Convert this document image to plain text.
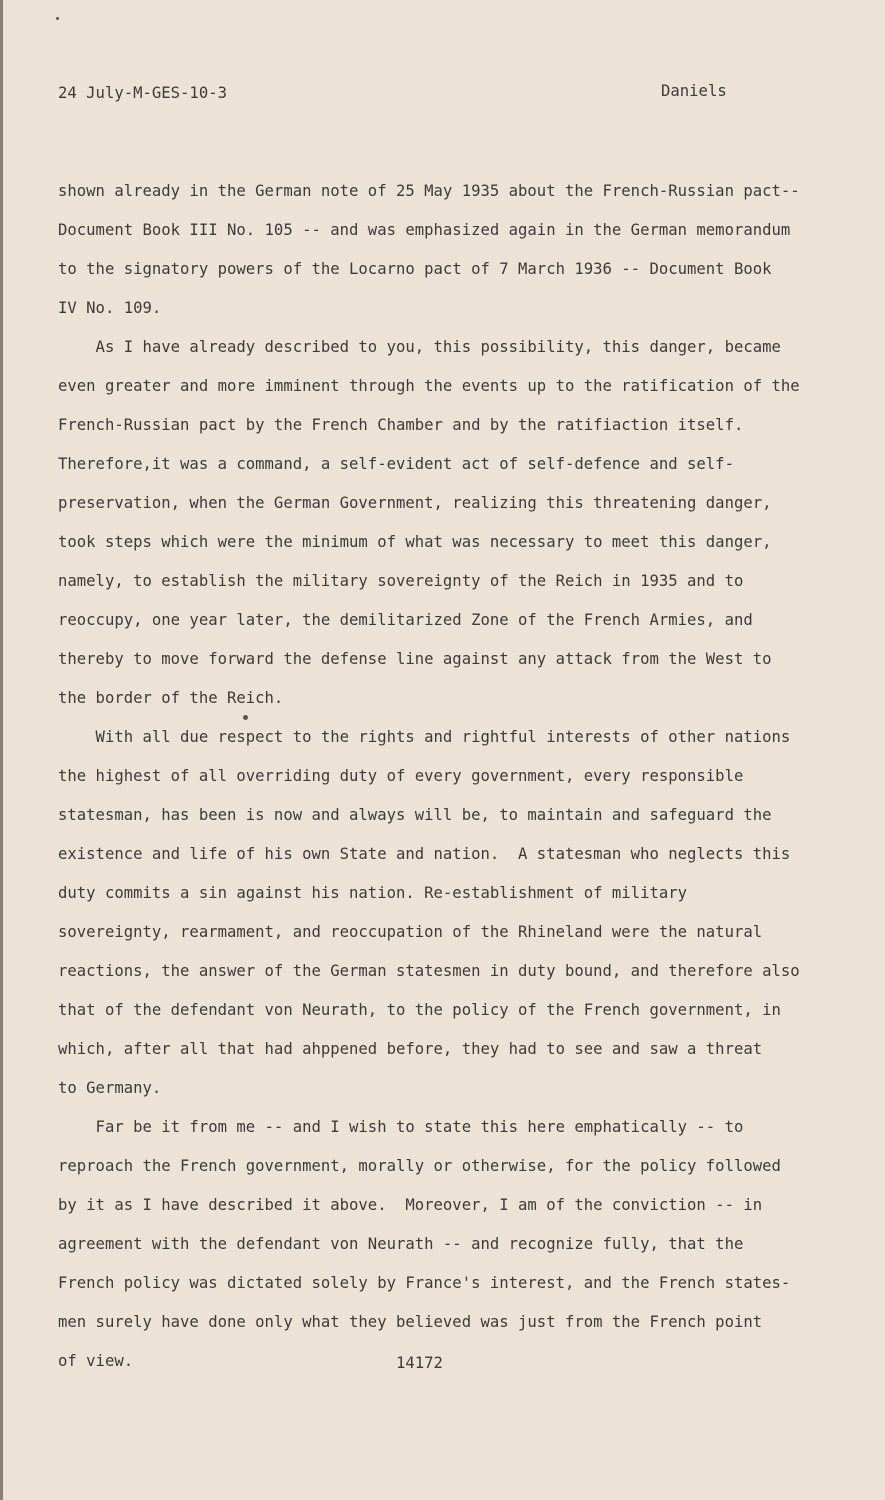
24 July-M-GES-10-3	Daniels
shown already in the German note of 25 May 1935 about the French-Russian pact--
Document Book III No. 105 -- and was emphasized again in the German memorandum
to the signatory powers of the Locarno pact of 7 March 1936 -- Document Book
IV No. 109.
As I have already described to you, this possibility, this danger, became
even greater and more imminent through the events up to the ratification of the
French-Russian pact by the French Chamber and by the ratifiaction itself.
Therefore,it was a command, a self-evident act of self-defence and self-
preservation, when the German Government, realizing this threatening danger,
took steps which were the minimum of what was necessary to meet this danger,
namely, to establish the military sovereignty of the Reich in 1935 and to
reoccupy, one year later, the demilitarized Zone of the French Armies, and
thereby to move forward the defense line against any attack from the West to
the border of the Reich.
With all due respect to the rights and rightful interests of other nations
the highest of all overriding duty of every government, every responsible
statesman, has been is now and always will be, to maintain and safeguard the
existence and life of his own State and nation.  A statesman who neglects this
duty commits a sin against his nation. Re-establishment of military
sovereignty, rearmament, and reoccupation of the Rhineland were the natural
reactions, the answer of the German statesmen in duty bound, and therefore also
that of the defendant von Neurath, to the policy of the French government, in
which, after all that had ahppened before, they had to see and saw a threat
to Germany.
Far be it from me -- and I wish to state this here emphatically -- to
reproach the French government, morally or otherwise, for the policy followed
by it as I have described it above.  Moreover, I am of the conviction -- in
agreement with the defendant von Neurath -- and recognize fully, that the
French policy was dictated solely by France's interest, and the French states-
men surely have done only what they believed was just from the French point
of view.	14172
